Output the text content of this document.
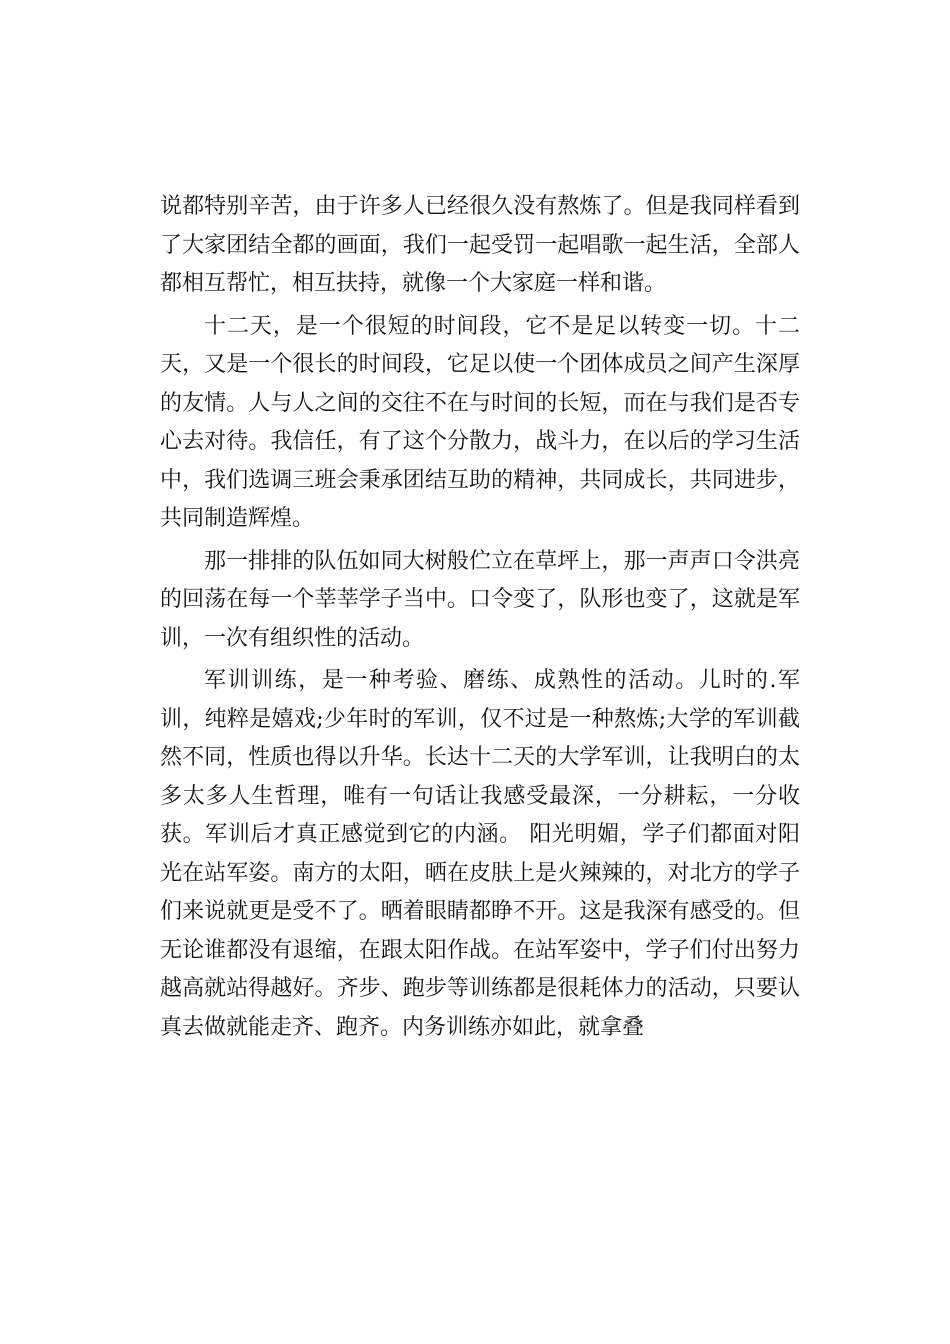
说都特别辛苦，由于许多人已经很久没有熬炼了。但是我同样看到了大家团结全都的画面，我们一起受罚一起唱歌一起生活，全部人都相互帮忙，相互扶持，就像一个大家庭一样和谐。

十二天，是一个很短的时间段，它不是足以转变一切。十二天，又是一个很长的时间段，它足以使一个团体成员之间产生深厚的友情。人与人之间的交往不在与时间的长短，而在与我们是否专心去对待。我信任，有了这个分散力，战斗力，在以后的学习生活中，我们选调三班会秉承团结互助的精神，共同成长，共同进步，共同制造辉煌。

那一排排的队伍如同大树般伫立在草坪上，那一声声口令洪亮的回荡在每一个莘莘学子当中。口令变了，队形也变了，这就是军训，一次有组织性的活动。

军训训练，是一种考验、磨练、成熟性的活动。儿时的.军训，纯粹是嬉戏;少年时的军训，仅不过是一种熬炼;大学的军训截然不同，性质也得以升华。长达十二天的大学军训，让我明白的太多太多人生哲理，唯有一句话让我感受最深，一分耕耘，一分收获。军训后才真正感觉到它的内涵。 阳光明媚，学子们都面对阳光在站军姿。南方的太阳，晒在皮肤上是火辣辣的，对北方的学子们来说就更是受不了。晒着眼睛都睁不开。这是我深有感受的。但无论谁都没有退缩，在跟太阳作战。在站军姿中，学子们付出努力越高就站得越好。齐步、跑步等训练都是很耗体力的活动，只要认真去做就能走齐、跑齐。内务训练亦如此，就拿叠
